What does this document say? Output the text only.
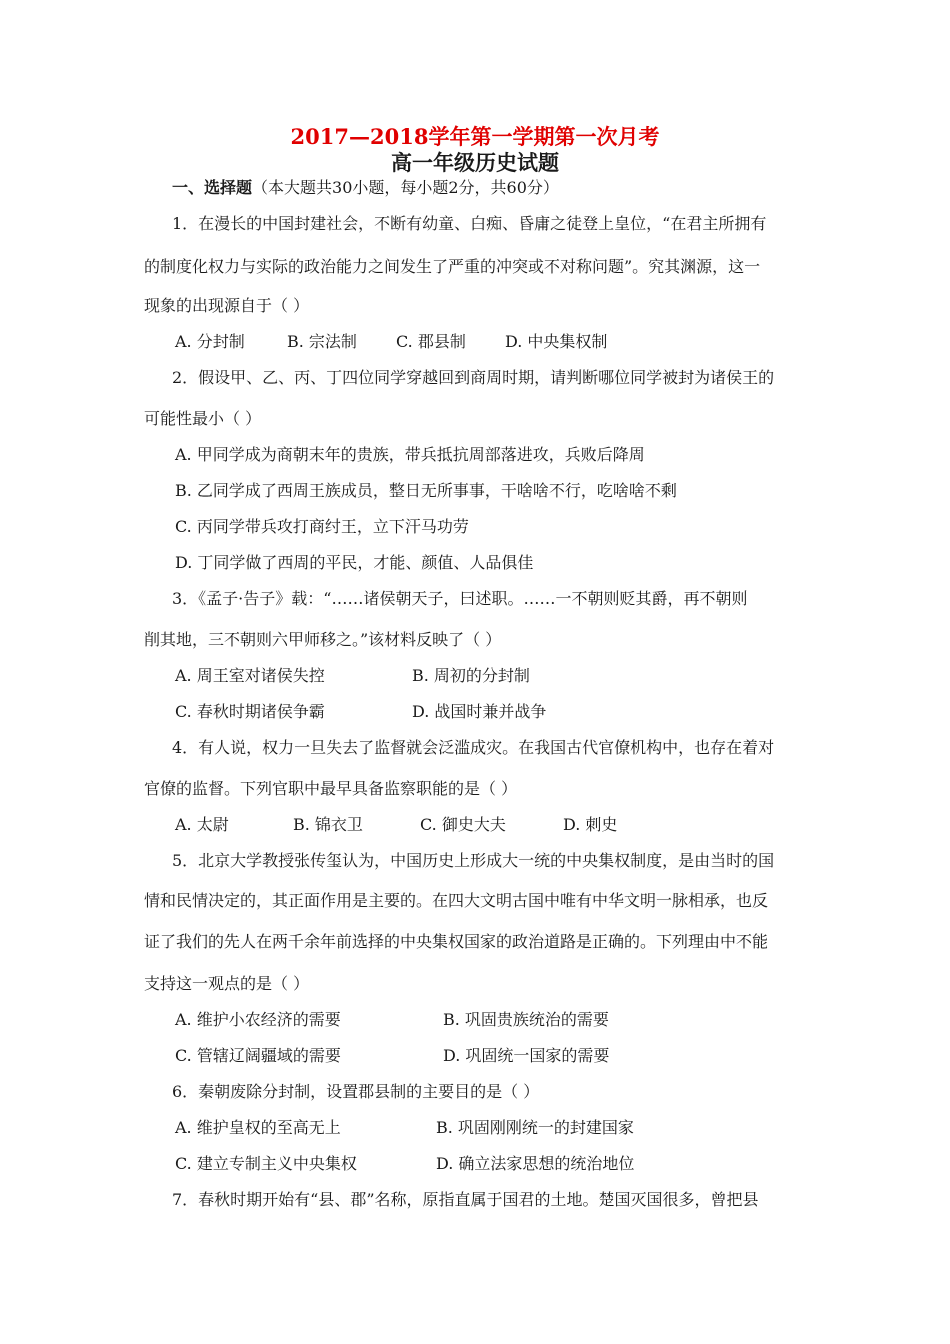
2017—2018学年第一学期第一次月考
高一年级历史试题
一、选择题（本大题共30小题，每小题2分，共60分）
1．在漫长的中国封建社会，不断有幼童、白痴、昏庸之徒登上皇位，“在君主所拥有
的制度化权力与实际的政治能力之间发生了严重的冲突或不对称问题”。究其渊源，这一
现象的出现源自于（ ）
A. 分封制	B. 宗法制 C. 郡县制 D. 中央集权制
2．假设甲、乙、丙、丁四位同学穿越回到商周时期，请判断哪位同学被封为诸侯王的
可能性最小（ ）
A. 甲同学成为商朝末年的贵族，带兵抵抗周部落进攻，兵败后降周
B. 乙同学成了西周王族成员，整日无所事事，干啥啥不行，吃啥啥不剩
C. 丙同学带兵攻打商纣王，立下汗马功劳
D. 丁同学做了西周的平民，才能、颜值、人品俱佳
3．《孟子·告子》载：“……诸侯朝天子，曰述职。……一不朝则贬其爵，再不朝则
削其地，三不朝则六甲师移之。”该材料反映了（ ）
A. 周王室对诸侯失控	B. 周初的分封制
C. 春秋时期诸侯争霸	D. 战国时兼并战争
4．有人说，权力一旦失去了监督就会泛滥成灾。在我国古代官僚机构中，也存在着对
官僚的监督。下列官职中最早具备监察职能的是（ ）
A. 太尉	B. 锦衣卫	C. 御史大夫	D. 刺史
5．北京大学教授张传玺认为，中国历史上形成大一统的中央集权制度，是由当时的国
情和民情决定的，其正面作用是主要的。在四大文明古国中唯有中华文明一脉相承，也反
证了我们的先人在两千余年前选择的中央集权国家的政治道路是正确的。下列理由中不能
支持这一观点的是（ ）
A. 维护小农经济的需要	B. 巩固贵族统治的需要
C. 管辖辽阔疆域的需要	D. 巩固统一国家的需要
6．秦朝废除分封制，设置郡县制的主要目的是（ ）
A. 维护皇权的至高无上	B. 巩固刚刚统一的封建国家
C. 建立专制主义中央集权	D. 确立法家思想的统治地位
7．春秋时期开始有“县、郡”名称，原指直属于国君的土地。楚国灭国很多，曾把县
